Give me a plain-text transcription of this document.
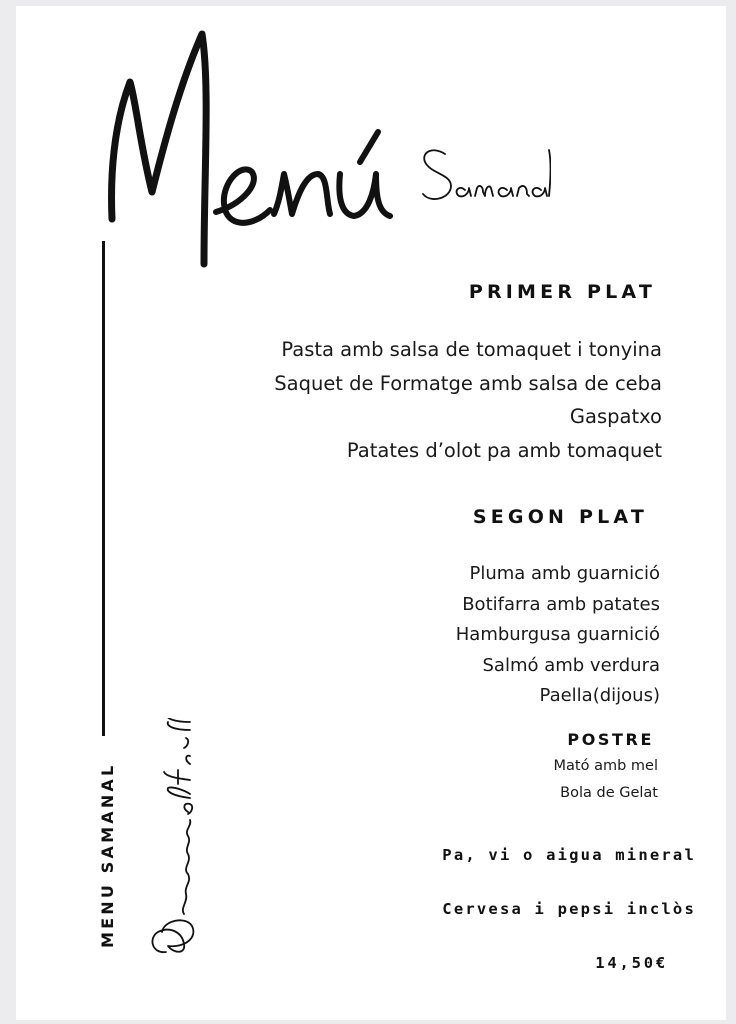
MENU SAMANAL
PRIMER PLAT
Pasta amb salsa de tomaquet i tonyina
Saquet de Formatge amb salsa de ceba
Gaspatxo
Patates d’olot pa amb tomaquet
SEGON PLAT
Pluma amb guarnició
Botifarra amb patates
Hamburgusa guarnició
Salmó amb verdura
Paella(dijous)
POSTRE
Mató amb mel
Bola de Gelat
Pa, vi o aigua mineral
Cervesa i pepsi inclòs
14,50€
